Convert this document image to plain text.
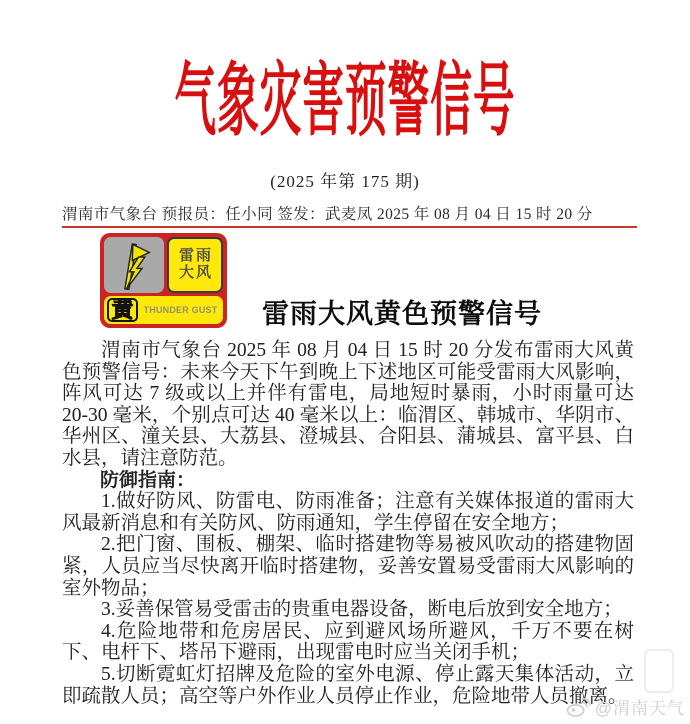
气象灾害预警信号
(2025 年第 175 期)
渭南市气象台 预报员：任小同 签发：武麦凤 2025 年 08 月 04 日 15 时 20 分
雷雨
大风
黄	THUNDER GUST	雷雨大风黄色预警信号

渭南市气象台 2025 年 08 月 04 日 15 时 20 分发布雷雨大风黄色预警信号：未来今天下午到晚上下述地区可能受雷雨大风影响，阵风可达 7 级或以上并伴有雷电，局地短时暴雨，小时雨量可达 20-30 毫米，个别点可达 40 毫米以上：临渭区、韩城市、华阴市、华州区、潼关县、大荔县、澄城县、合阳县、蒲城县、富平县、白水县，请注意防范。

防御指南：

1.做好防风、防雷电、防雨准备；注意有关媒体报道的雷雨大风最新消息和有关防风、防雨通知，学生停留在安全地方；

2.把门窗、围板、棚架、临时搭建物等易被风吹动的搭建物固紧，人员应当尽快离开临时搭建物，妥善安置易受雷雨大风影响的室外物品；

3.妥善保管易受雷击的贵重电器设备，断电后放到安全地方；

4.危险地带和危房居民、应到避风场所避风，千万不要在树下、电杆下、塔吊下避雨，出现雷电时应当关闭手机；

5.切断霓虹灯招牌及危险的室外电源、停止露天集体活动，立即疏散人员；高空等户外作业人员停止作业，危险地带人员撤离。

@渭南天气
